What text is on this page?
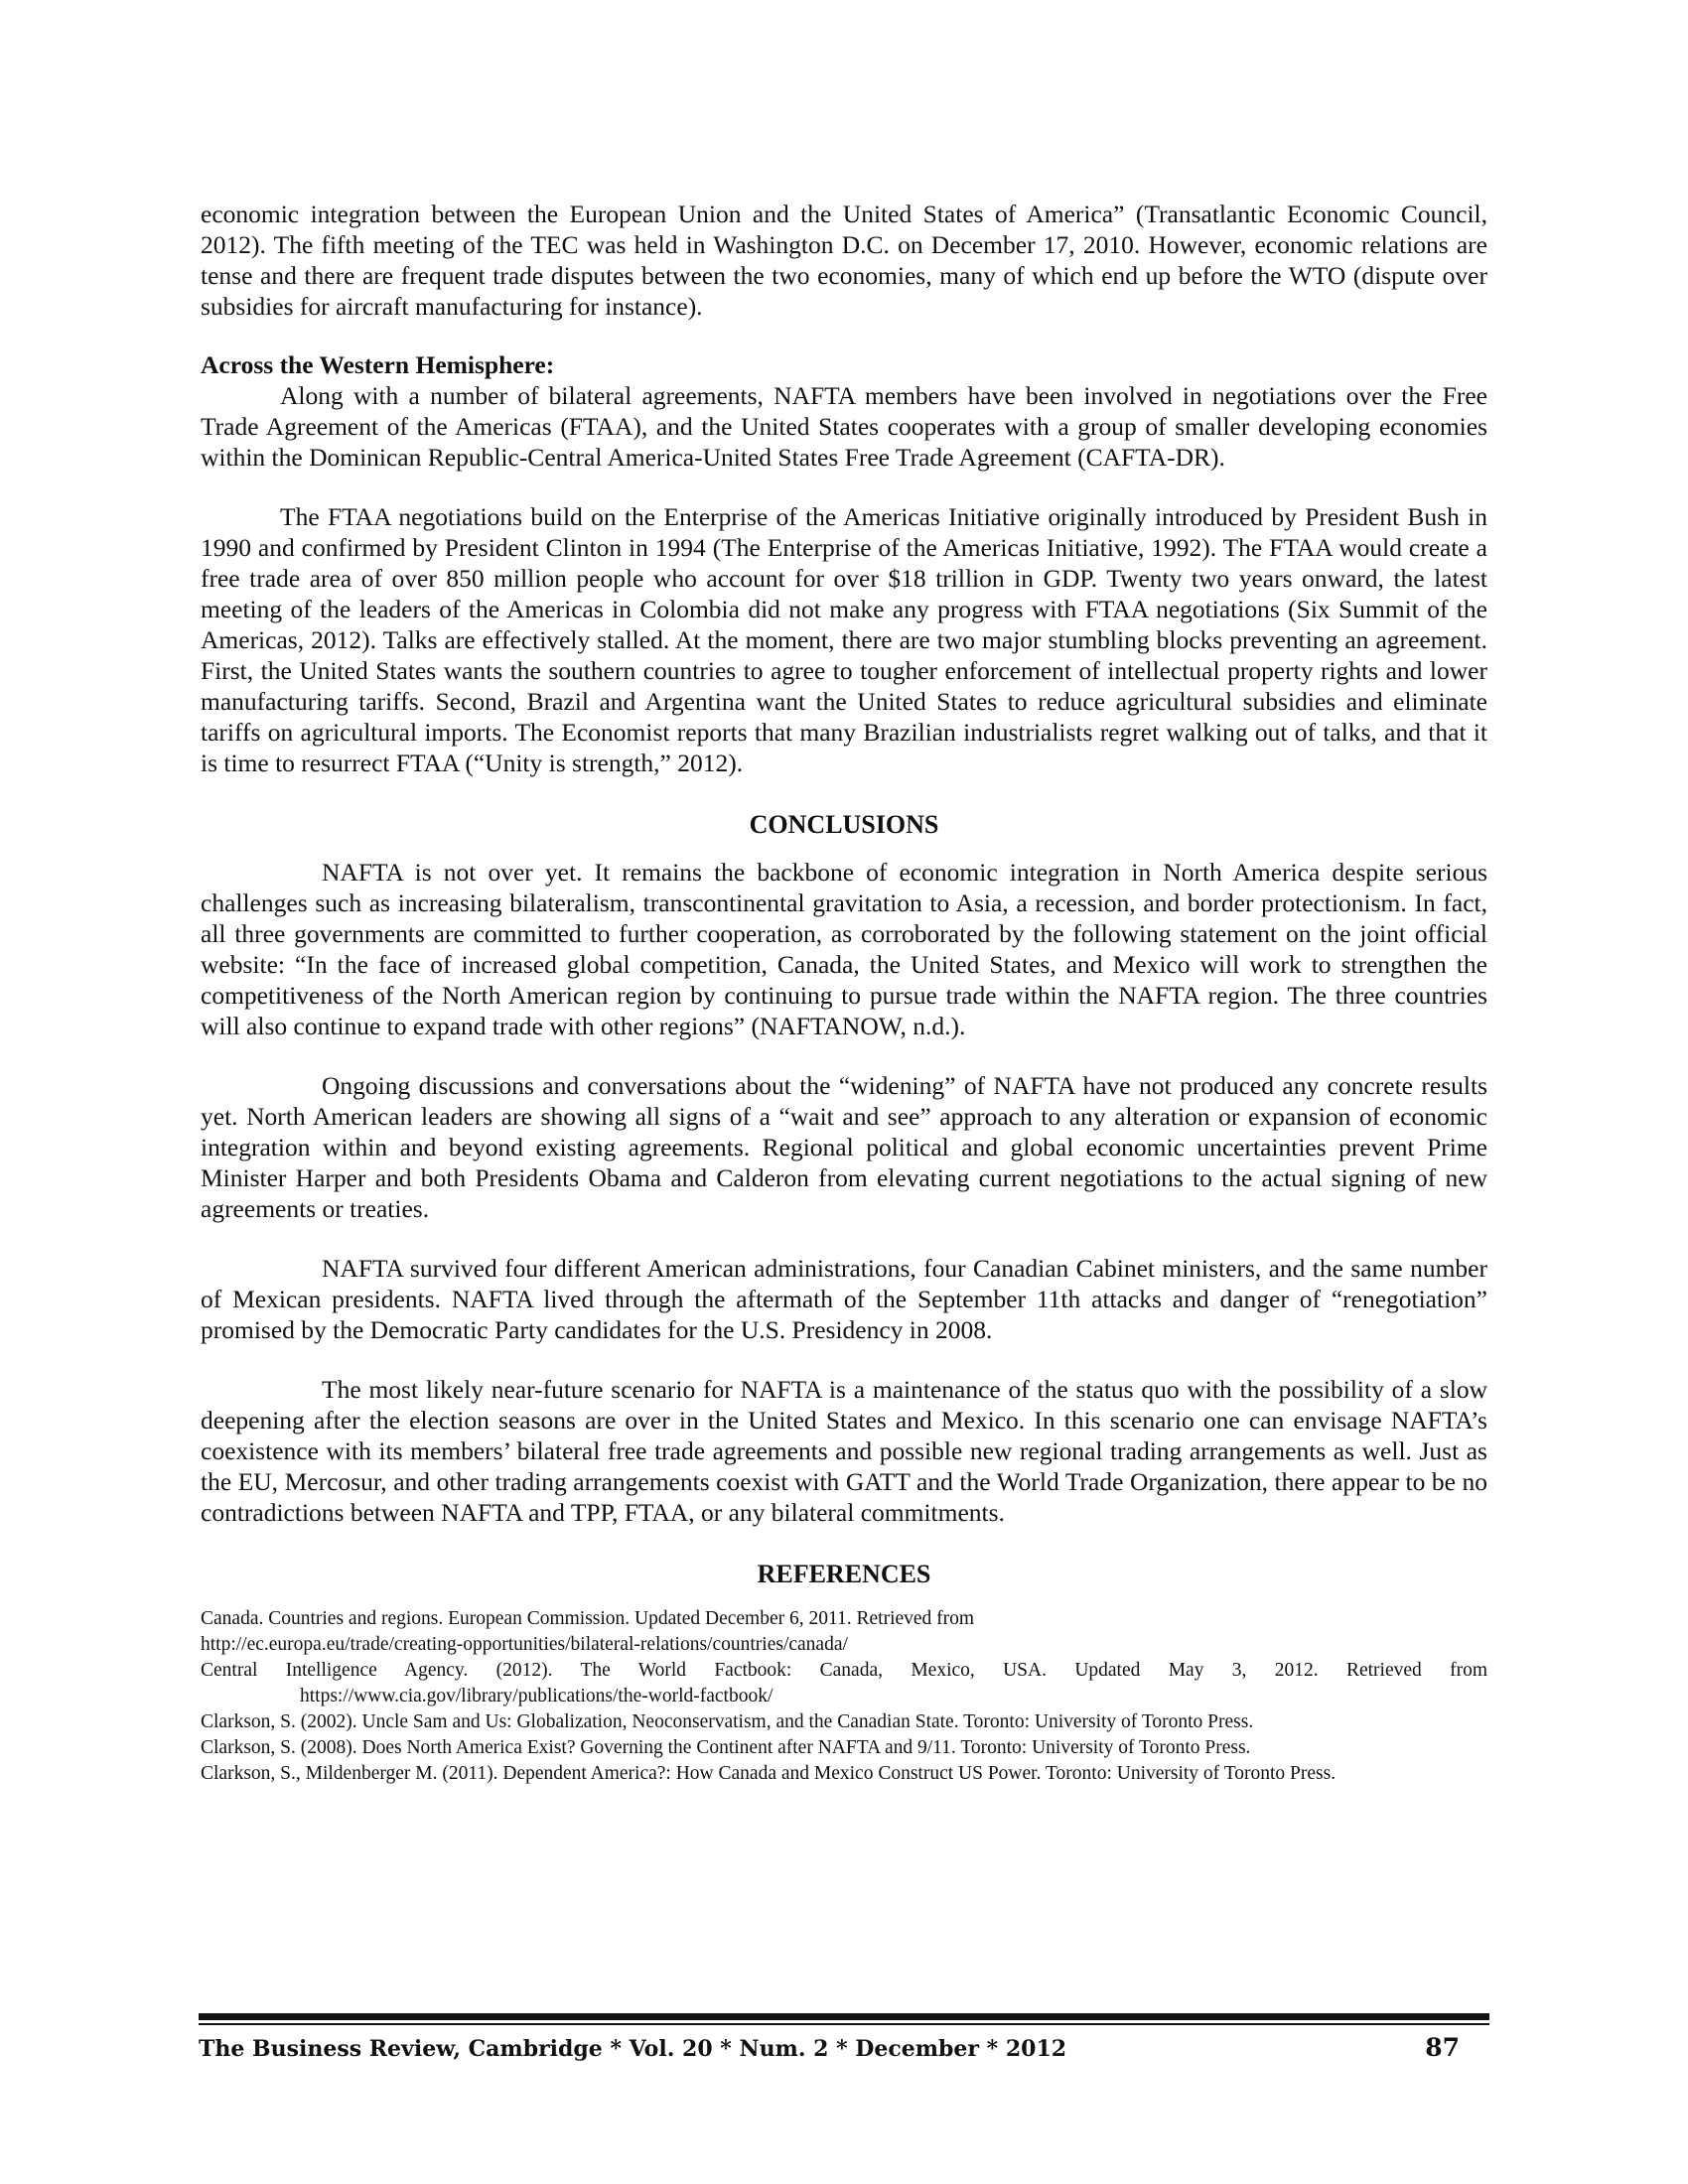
economic integration between the European Union and the United States of America” (Transatlantic Economic Council, 2012). The fifth meeting of the TEC was held in Washington D.C. on December 17, 2010. However, economic relations are tense and there are frequent trade disputes between the two economies, many of which end up before the WTO (dispute over subsidies for aircraft manufacturing for instance).

Across the Western Hemisphere:

Along with a number of bilateral agreements, NAFTA members have been involved in negotiations over the Free Trade Agreement of the Americas (FTAA), and the United States cooperates with a group of smaller developing economies within the Dominican Republic-Central America-United States Free Trade Agreement (CAFTA-DR).

The FTAA negotiations build on the Enterprise of the Americas Initiative originally introduced by President Bush in 1990 and confirmed by President Clinton in 1994 (The Enterprise of the Americas Initiative, 1992). The FTAA would create a free trade area of over 850 million people who account for over $18 trillion in GDP. Twenty two years onward, the latest meeting of the leaders of the Americas in Colombia did not make any progress with FTAA negotiations (Six Summit of the Americas, 2012). Talks are effectively stalled. At the moment, there are two major stumbling blocks preventing an agreement. First, the United States wants the southern countries to agree to tougher enforcement of intellectual property rights and lower manufacturing tariffs. Second, Brazil and Argentina want the United States to reduce agricultural subsidies and eliminate tariffs on agricultural imports. The Economist reports that many Brazilian industrialists regret walking out of talks, and that it is time to resurrect FTAA (“Unity is strength,” 2012).

CONCLUSIONS

NAFTA is not over yet. It remains the backbone of economic integration in North America despite serious challenges such as increasing bilateralism, transcontinental gravitation to Asia, a recession, and border protectionism. In fact, all three governments are committed to further cooperation, as corroborated by the following statement on the joint official website: “In the face of increased global competition, Canada, the United States, and Mexico will work to strengthen the competitiveness of the North American region by continuing to pursue trade within the NAFTA region. The three countries will also continue to expand trade with other regions” (NAFTANOW, n.d.).

Ongoing discussions and conversations about the “widening” of NAFTA have not produced any concrete results yet. North American leaders are showing all signs of a “wait and see” approach to any alteration or expansion of economic integration within and beyond existing agreements. Regional political and global economic uncertainties prevent Prime Minister Harper and both Presidents Obama and Calderon from elevating current negotiations to the actual signing of new agreements or treaties.

NAFTA survived four different American administrations, four Canadian Cabinet ministers, and the same number of Mexican presidents. NAFTA lived through the aftermath of the September 11th attacks and danger of “renegotiation” promised by the Democratic Party candidates for the U.S. Presidency in 2008.

The most likely near-future scenario for NAFTA is a maintenance of the status quo with the possibility of a slow deepening after the election seasons are over in the United States and Mexico. In this scenario one can envisage NAFTA’s coexistence with its members’ bilateral free trade agreements and possible new regional trading arrangements as well. Just as the EU, Mercosur, and other trading arrangements coexist with GATT and the World Trade Organization, there appear to be no contradictions between NAFTA and TPP, FTAA, or any bilateral commitments.

REFERENCES

Canada. Countries and regions. European Commission. Updated December 6, 2011. Retrieved from

http://ec.europa.eu/trade/creating-opportunities/bilateral-relations/countries/canada/

Central Intelligence Agency. (2012). The World Factbook: Canada, Mexico, USA. Updated May 3, 2012. Retrieved from https://www.cia.gov/library/publications/the-world-factbook/

Clarkson, S. (2002). Uncle Sam and Us: Globalization, Neoconservatism, and the Canadian State. Toronto: University of Toronto Press.

Clarkson, S. (2008). Does North America Exist? Governing the Continent after NAFTA and 9/11. Toronto: University of Toronto Press.

Clarkson, S., Mildenberger M. (2011). Dependent America?: How Canada and Mexico Construct US Power. Toronto: University of Toronto Press.

The Business Review, Cambridge * Vol. 20 * Num. 2 * December * 2012	87
